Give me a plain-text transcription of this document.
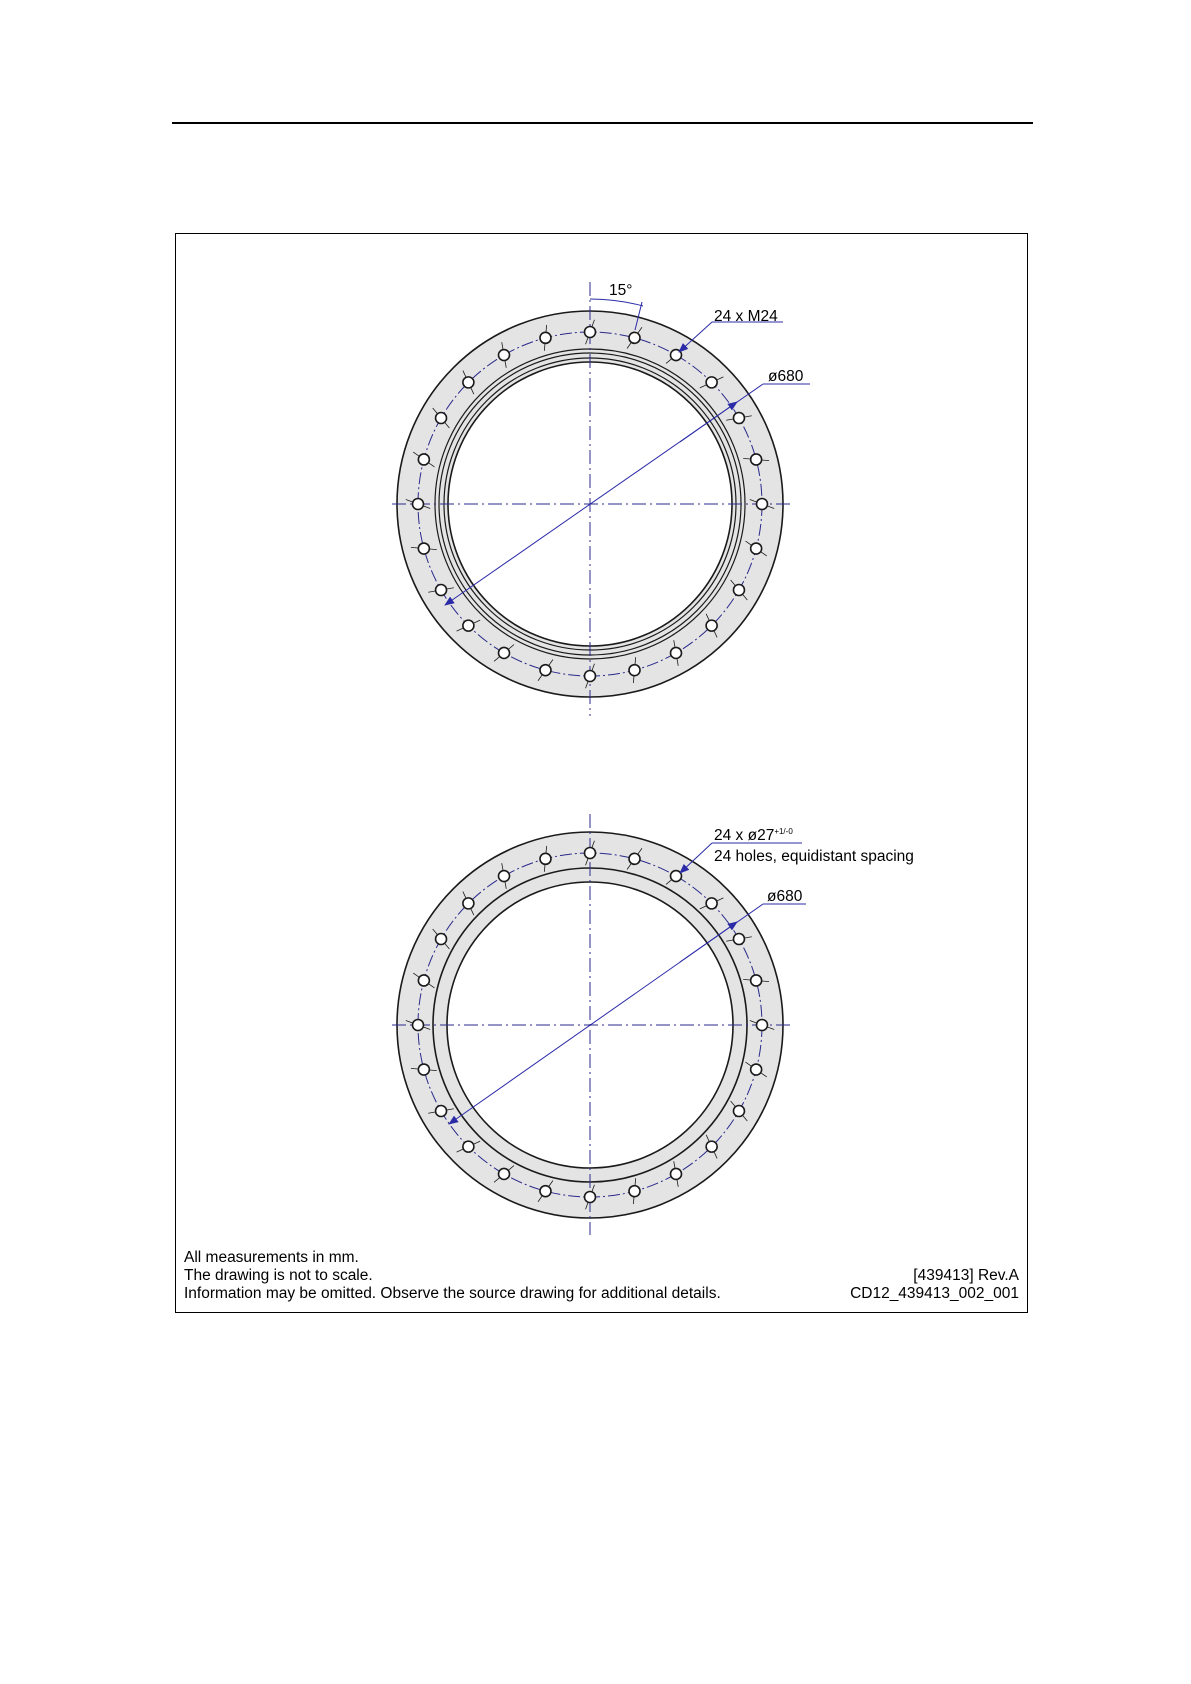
15°
24 x M24
ø680
24 x $ø27^{+1/-0}$
24 holes, equidistant spacing
ø680
All measurements in mm.
The drawing is not to scale.
Information may be omitted. Observe the source drawing for additional details.
[439413] Rev.A
CD12_439413_002_001
